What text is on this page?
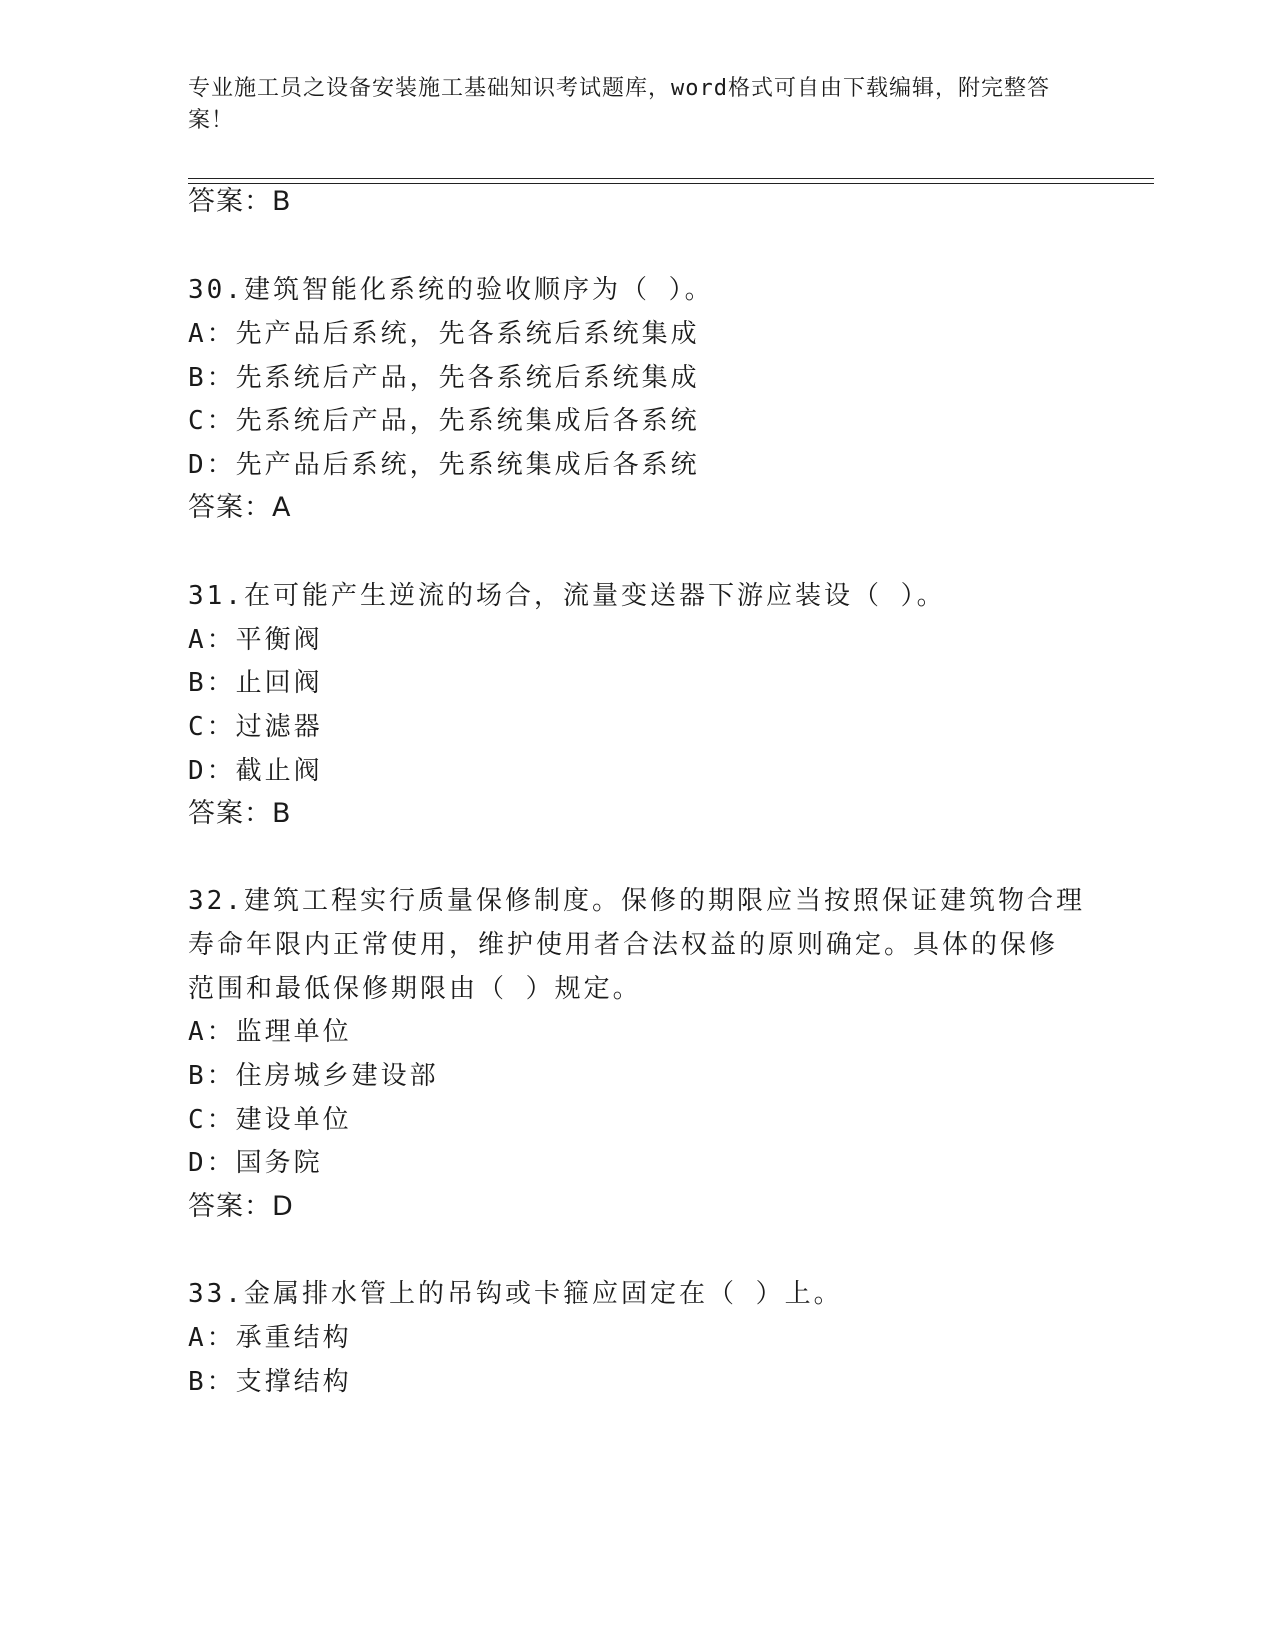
专业施工员之设备安装施工基础知识考试题库，word格式可自由下载编辑，附完整答案！
答案：B
30.建筑智能化系统的验收顺序为（ ）。
A：先产品后系统，先各系统后系统集成
B：先系统后产品，先各系统后系统集成
C：先系统后产品，先系统集成后各系统
D：先产品后系统，先系统集成后各系统
答案：A
31.在可能产生逆流的场合，流量变送器下游应装设（ ）。
A：平衡阀
B：止回阀
C：过滤器
D：截止阀
答案：B
32.建筑工程实行质量保修制度。保修的期限应当按照保证建筑物合理
寿命年限内正常使用，维护使用者合法权益的原则确定。具体的保修
范围和最低保修期限由（ ）规定。
A：监理单位
B：住房城乡建设部
C：建设单位
D：国务院
答案：D
33.金属排水管上的吊钩或卡箍应固定在（ ）上。
A：承重结构
B：支撑结构
